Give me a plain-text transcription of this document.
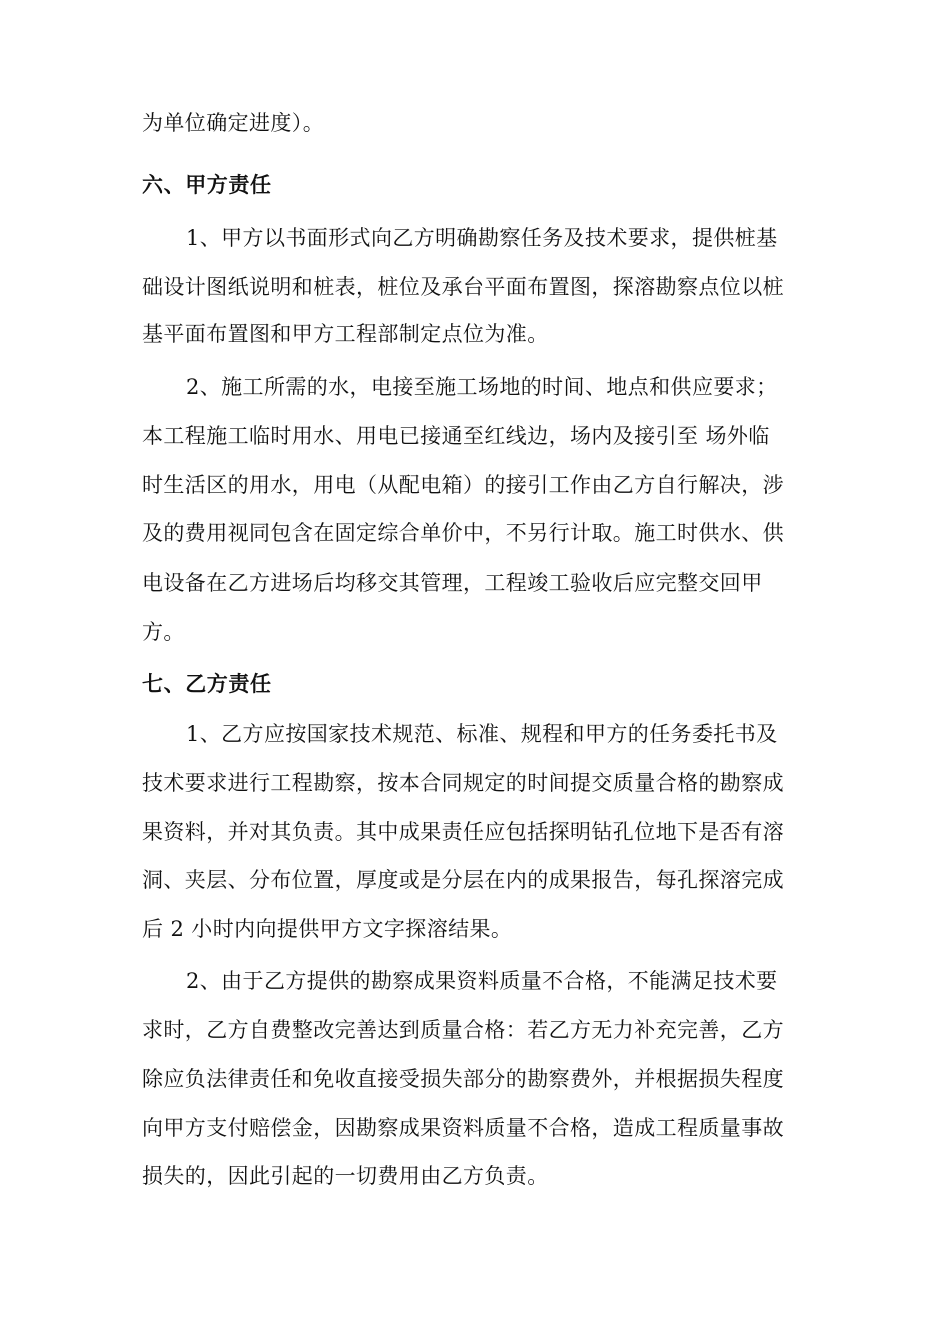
为单位确定进度）。
六、甲方责任
1、甲方以书面形式向乙方明确勘察任务及技术要求，提供桩基
础设计图纸说明和桩表，桩位及承台平面布置图，探溶勘察点位以桩
基平面布置图和甲方工程部制定点位为准。
2、施工所需的水，电接至施工场地的时间、地点和供应要求；
本工程施工临时用水、用电已接通至红线边，场内及接引至 场外临
时生活区的用水，用电（从配电箱）的接引工作由乙方自行解决，涉
及的费用视同包含在固定综合单价中，不另行计取。施工时供水、供
电设备在乙方进场后均移交其管理，工程竣工验收后应完整交回甲
方。
七、乙方责任
1、乙方应按国家技术规范、标准、规程和甲方的任务委托书及
技术要求进行工程勘察，按本合同规定的时间提交质量合格的勘察成
果资料，并对其负责。其中成果责任应包括探明钻孔位地下是否有溶
洞、夹层、分布位置，厚度或是分层在内的成果报告，每孔探溶完成
后 2 小时内向提供甲方文字探溶结果。
2、由于乙方提供的勘察成果资料质量不合格，不能满足技术要
求时，乙方自费整改完善达到质量合格：若乙方无力补充完善，乙方
除应负法律责任和免收直接受损失部分的勘察费外，并根据损失程度
向甲方支付赔偿金，因勘察成果资料质量不合格，造成工程质量事故
损失的，因此引起的一切费用由乙方负责。
